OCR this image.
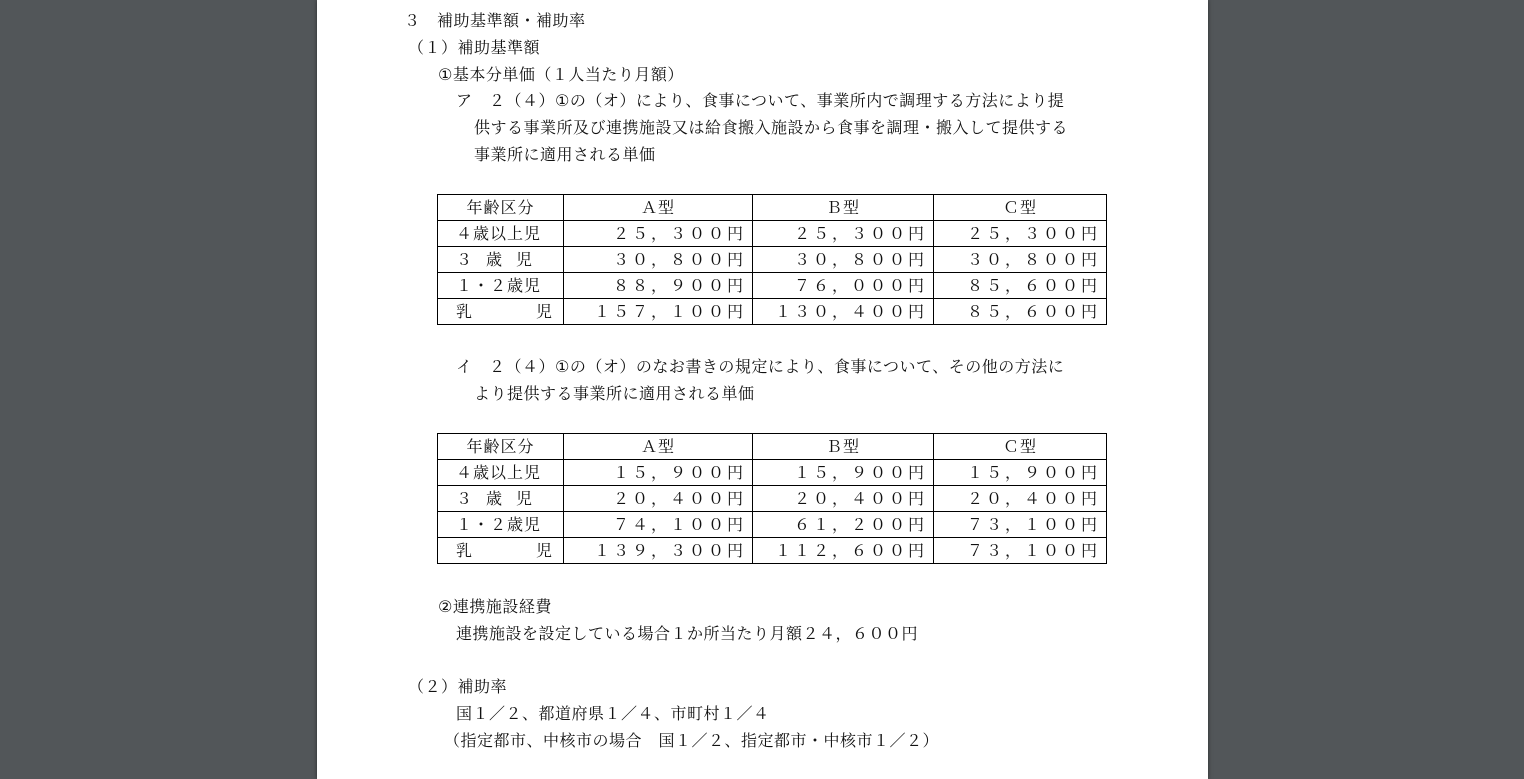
３　補助基準額・補助率
（１）補助基準額
①基本分単価（１人当たり月額）
ア　２（４）①の（オ）により、食事について、事業所内で調理する方法により提
供する事業所及び連携施設又は給食搬入施設から食事を調理・搬入して提供する
事業所に適用される単価
年齢区分	Ａ型	Ｂ型	Ｃ型
４歳以上児	２５，３００円	２５，３００円	２５，３００円
３歳児	３０，８００円	３０，８００円	３０，８００円
１・２歳児	８８，９００円	７６，０００円	８５，６００円
乳児	１５７，１００円	１３０，４００円	８５，６００円
イ　２（４）①の（オ）のなお書きの規定により、食事について、その他の方法に
より提供する事業所に適用される単価
年齢区分	Ａ型	Ｂ型	Ｃ型
４歳以上児	１５，９００円	１５，９００円	１５，９００円
３歳児	２０，４００円	２０，４００円	２０，４００円
１・２歳児	７４，１００円	６１，２００円	７３，１００円
乳児	１３９，３００円	１１２，６００円	７３，１００円
②連携施設経費
連携施設を設定している場合１か所当たり月額２４，６００円
（２）補助率
国１／２、都道府県１／４、市町村１／４
（指定都市、中核市の場合　国１／２、指定都市・中核市１／２）
